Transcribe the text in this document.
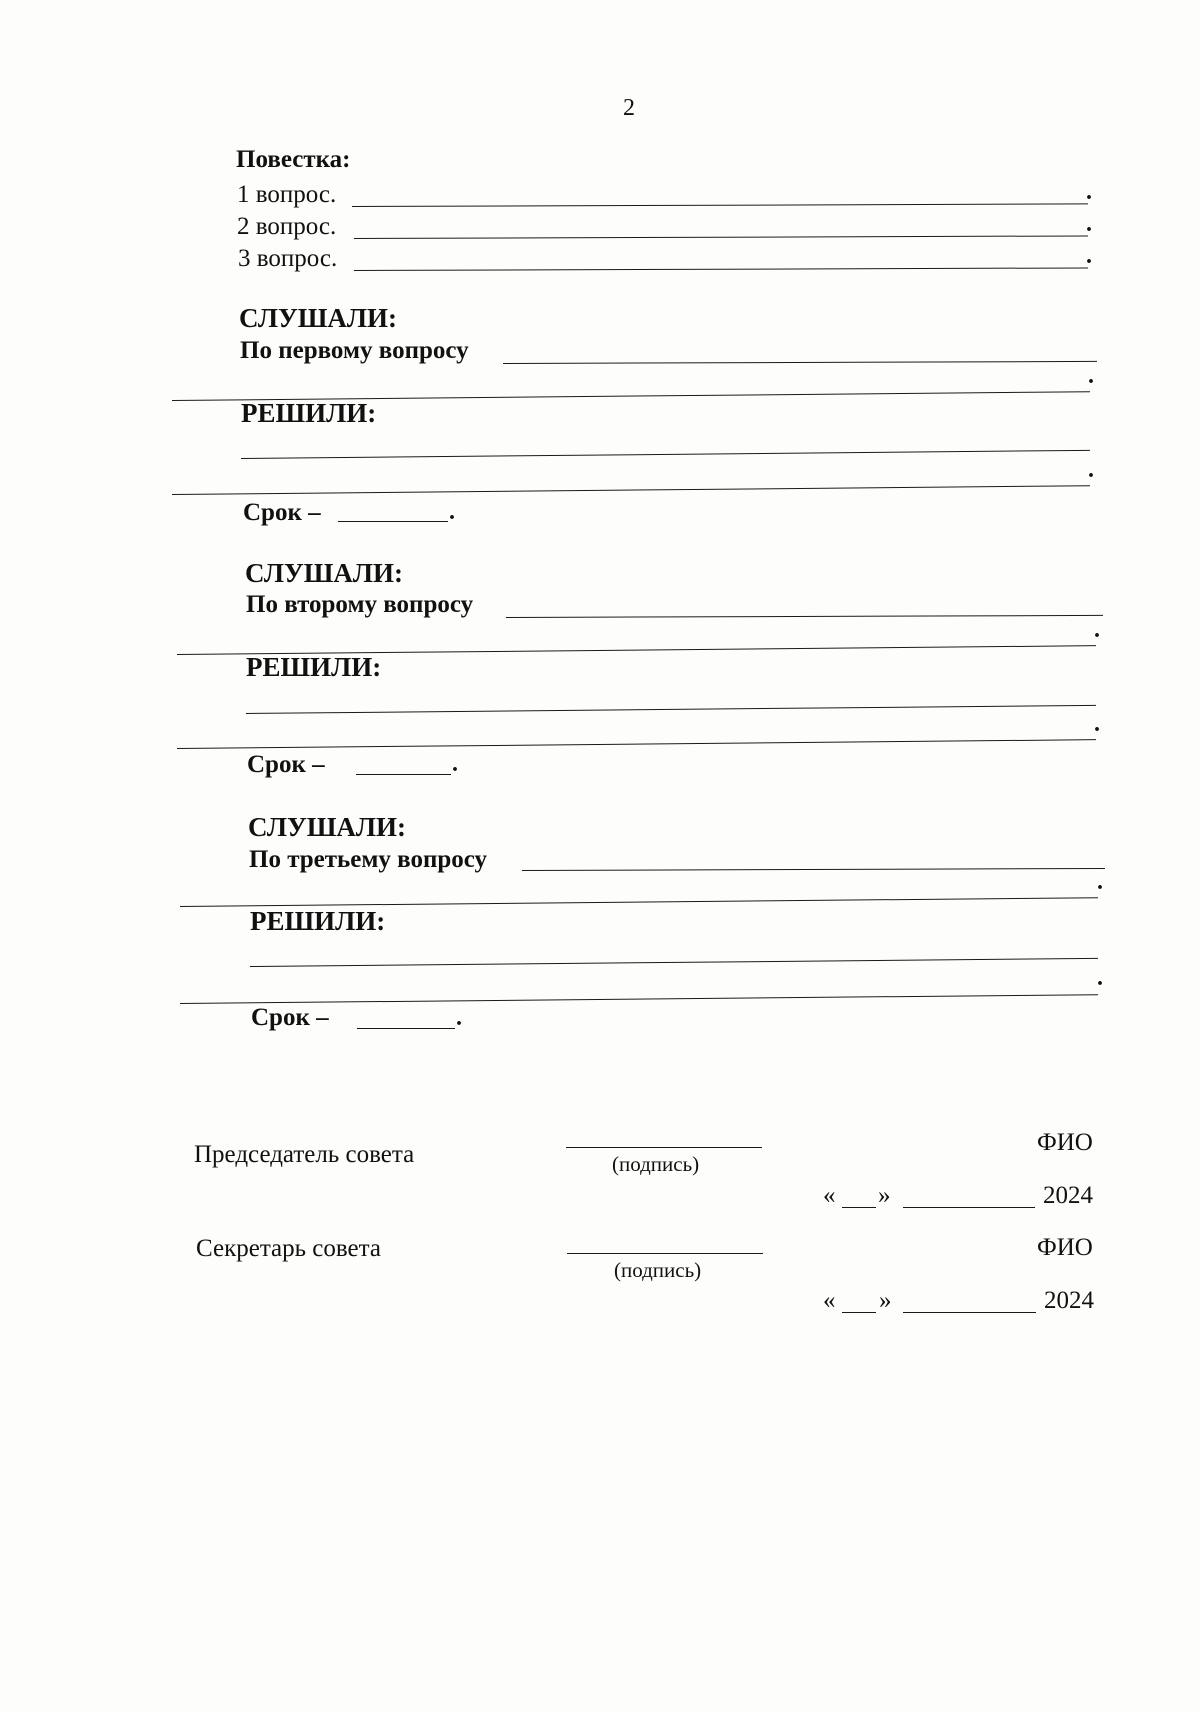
2
Повестка:
1 вопрос.	.
2 вопрос.	.
3 вопрос.	.
СЛУШАЛИ:
По первому вопросу
.
РЕШИЛИ:
.
Срок –	.
СЛУШАЛИ:
По второму вопросу
.
РЕШИЛИ:
.
Срок –	.
СЛУШАЛИ:
По третьему вопросу
.
РЕШИЛИ:
.
Срок –	.
Председатель совета	(подпись)
ФИО
« »	2024
Секретарь совета
(подпись)
ФИО
« »	2024
